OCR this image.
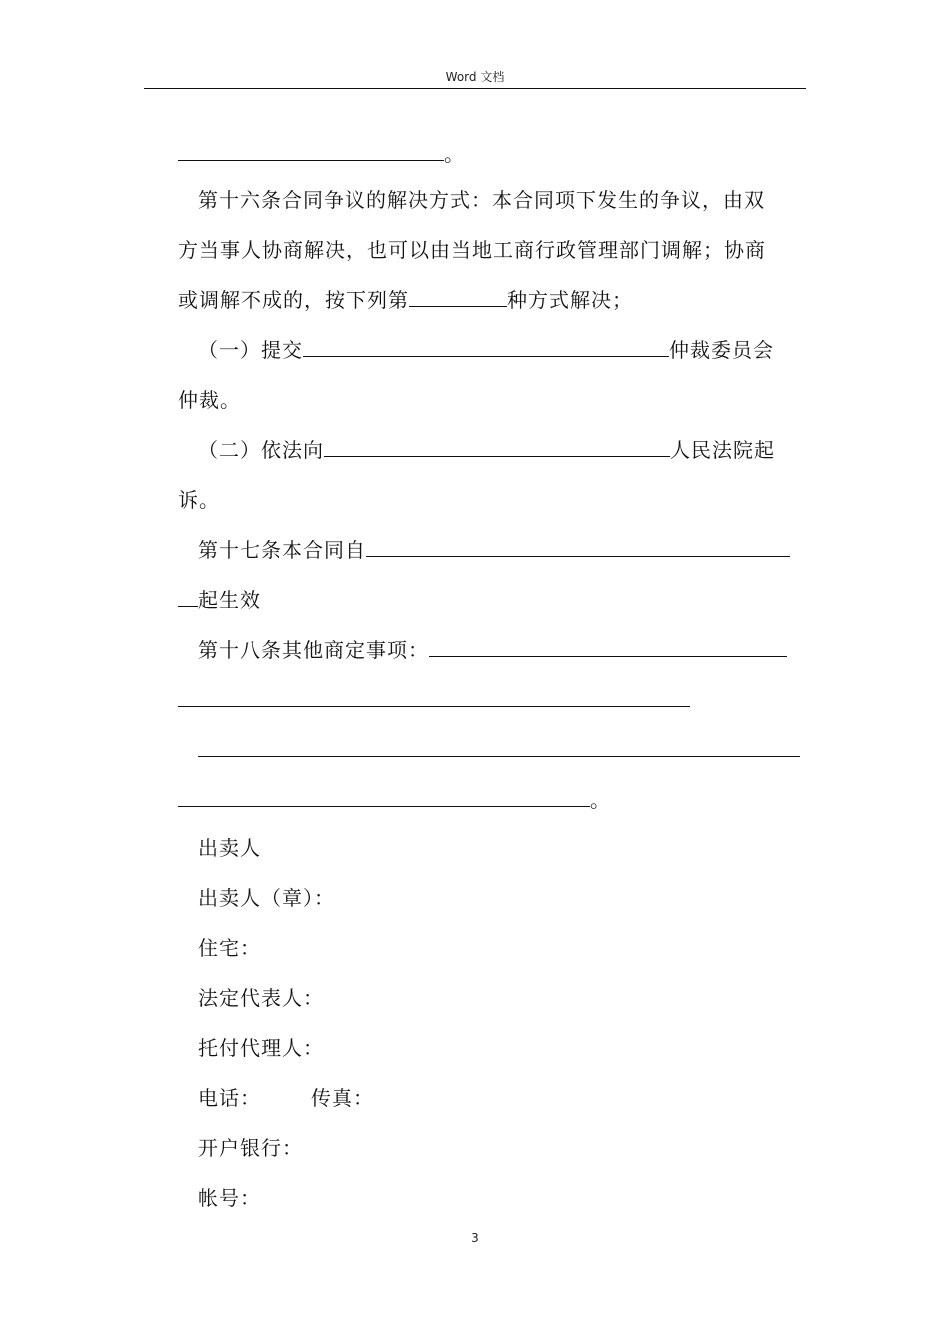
Word 文档
。
第十六条合同争议的解决方式：本合同项下发生的争议，由双
方当事人协商解决，也可以由当地工商行政管理部门调解；协商
或调解不成的，按下列第	种方式解决；
（一）提交	仲裁委员会
仲裁。
（二）依法向	人民法院起
诉。
第十七条本合同自
起生效
第十八条其他商定事项：
。
出卖人
出卖人（章）：
住宅：
法定代表人：
托付代理人：
电话：	传真：
开户银行：
帐号：
3
